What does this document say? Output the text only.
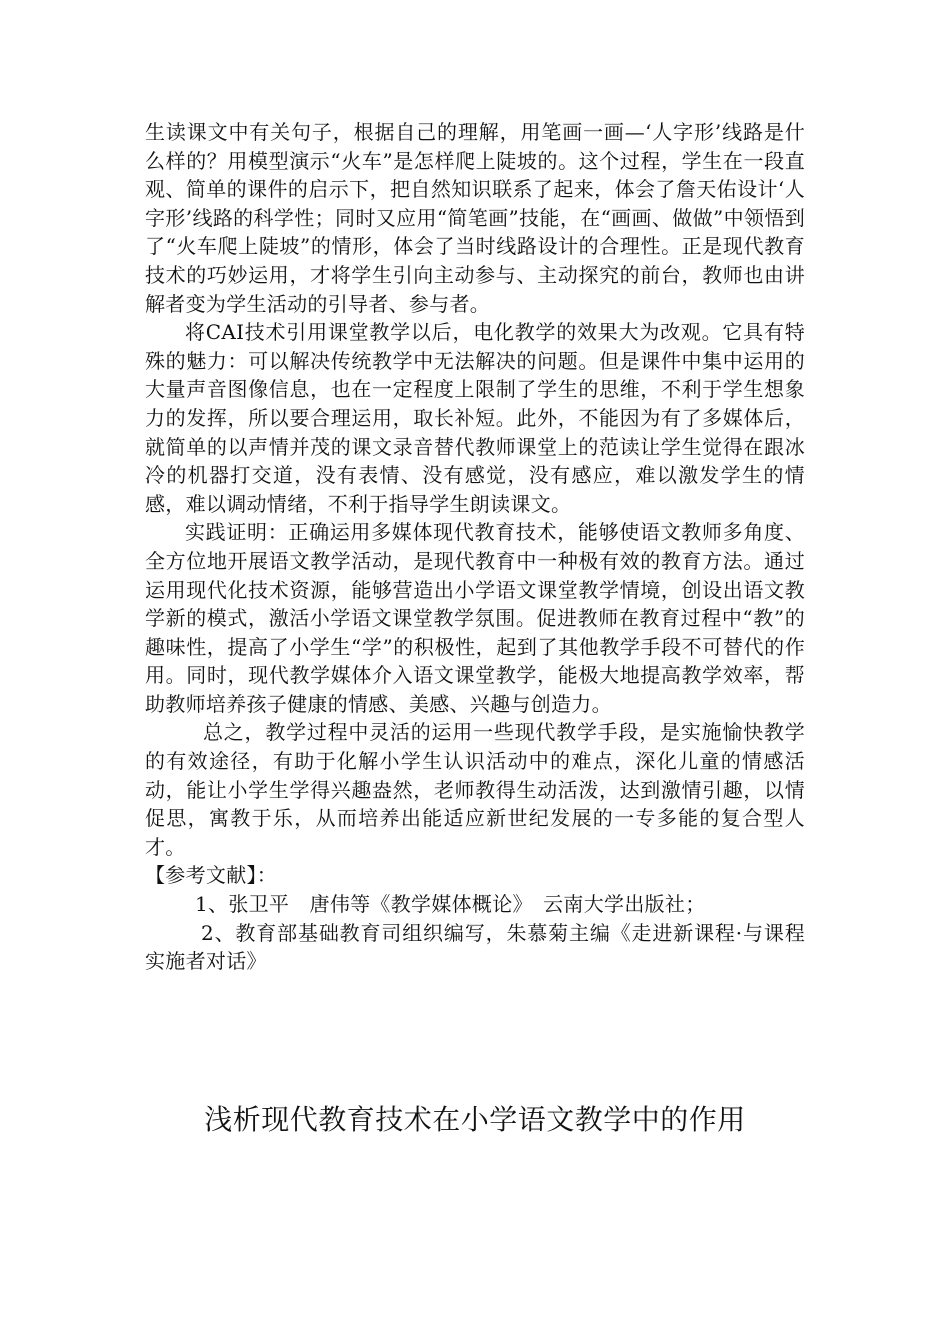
生读课文中有关句子，根据自己的理解，用笔画一画—‘人字形’线路是什么样的？用模型演示“火车”是怎样爬上陡坡的。这个过程，学生在一段直观、简单的课件的启示下，把自然知识联系了起来，体会了詹天佑设计‘人字形’线路的科学性；同时又应用“简笔画”技能，在“画画、做做”中领悟到了“火车爬上陡坡”的情形，体会了当时线路设计的合理性。正是现代教育技术的巧妙运用，才将学生引向主动参与、主动探究的前台，教师也由讲解者变为学生活动的引导者、参与者。

将CAI技术引用课堂教学以后，电化教学的效果大为改观。它具有特殊的魅力：可以解决传统教学中无法解决的问题。但是课件中集中运用的大量声音图像信息，也在一定程度上限制了学生的思维，不利于学生想象力的发挥，所以要合理运用，取长补短。此外，不能因为有了多媒体后，就简单的以声情并茂的课文录音替代教师课堂上的范读让学生觉得在跟冰冷的机器打交道，没有表情、没有感觉，没有感应，难以激发学生的情感，难以调动情绪，不利于指导学生朗读课文。

实践证明：正确运用多媒体现代教育技术，能够使语文教师多角度、全方位地开展语文教学活动，是现代教育中一种极有效的教育方法。通过运用现代化技术资源，能够营造出小学语文课堂教学情境，创设出语文教学新的模式，激活小学语文课堂教学氛围。促进教师在教育过程中“教”的趣味性，提高了小学生“学”的积极性，起到了其他教学手段不可替代的作用。同时，现代教学媒体介入语文课堂教学，能极大地提高教学效率，帮助教师培养孩子健康的情感、美感、兴趣与创造力。

总之，教学过程中灵活的运用一些现代教学手段，是实施愉快教学的有效途径，有助于化解小学生认识活动中的难点，深化儿童的情感活动，能让小学生学得兴趣盎然，老师教得生动活泼，达到激情引趣，以情促思，寓教于乐，从而培养出能适应新世纪发展的一专多能的复合型人才。

【参考文献】：

1、张卫平　唐伟等《教学媒体概论》　云南大学出版社；

2、教育部基础教育司组织编写，朱慕菊主编《走进新课程·与课程实施者对话》

浅析现代教育技术在小学语文教学中的作用
